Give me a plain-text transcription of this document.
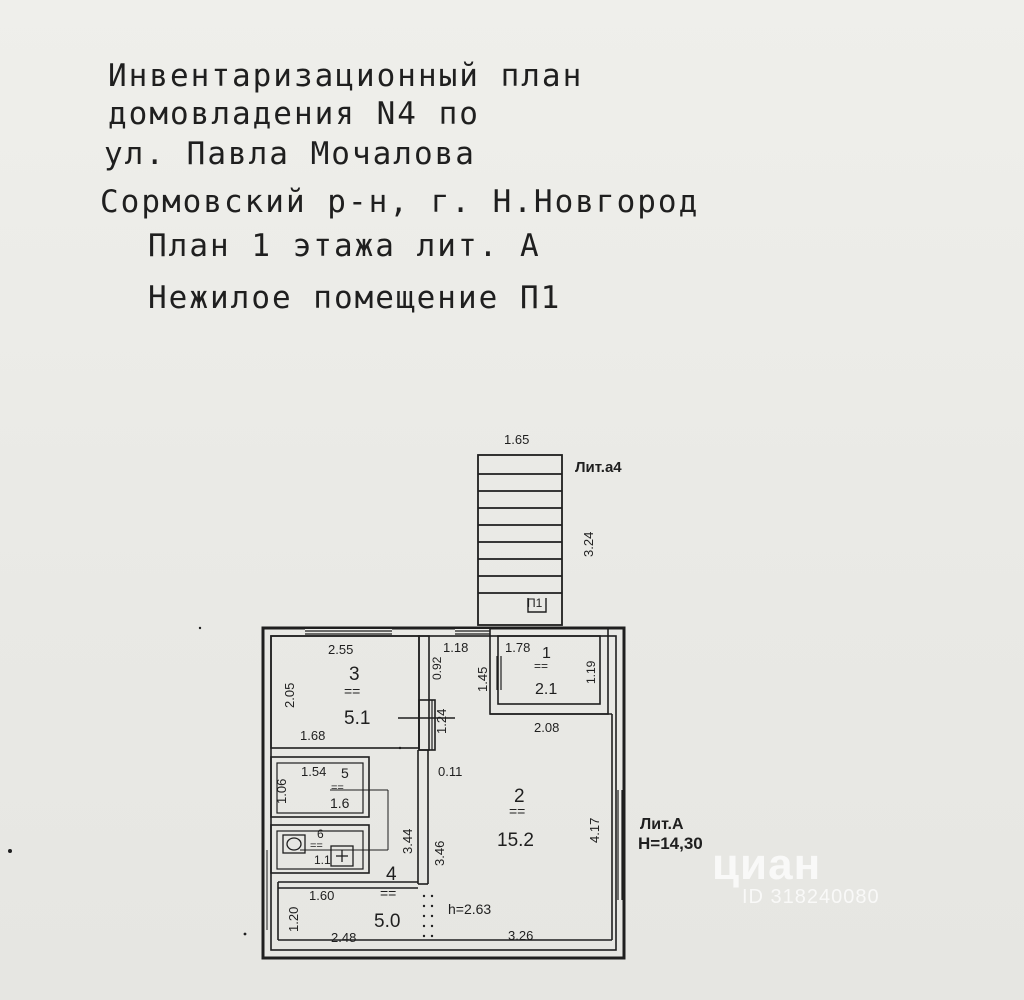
Инвентаризационный план
домовладения N4 по
ул. Павла Мочалова
Сормовский р-н, г. Н.Новгород
План 1 этажа лит. А
Нежилое помещение П1
1.65
Лит.а4
3.24
П1
2.55
2.05
1.68
0.92
1.18
1.45
1.78
1.19
2.08
1.24
0.11
1.06
1.54
3.44 3.46
4.17
1.60
1.20
2.48	3.26
1
==
2.1
2
==
15.2
3
==
5.1
4
==
5.0
5
==
1.6
6
==
1.1
h=2.63
Лит.А
Н=14,30 циан
ID 318240080
